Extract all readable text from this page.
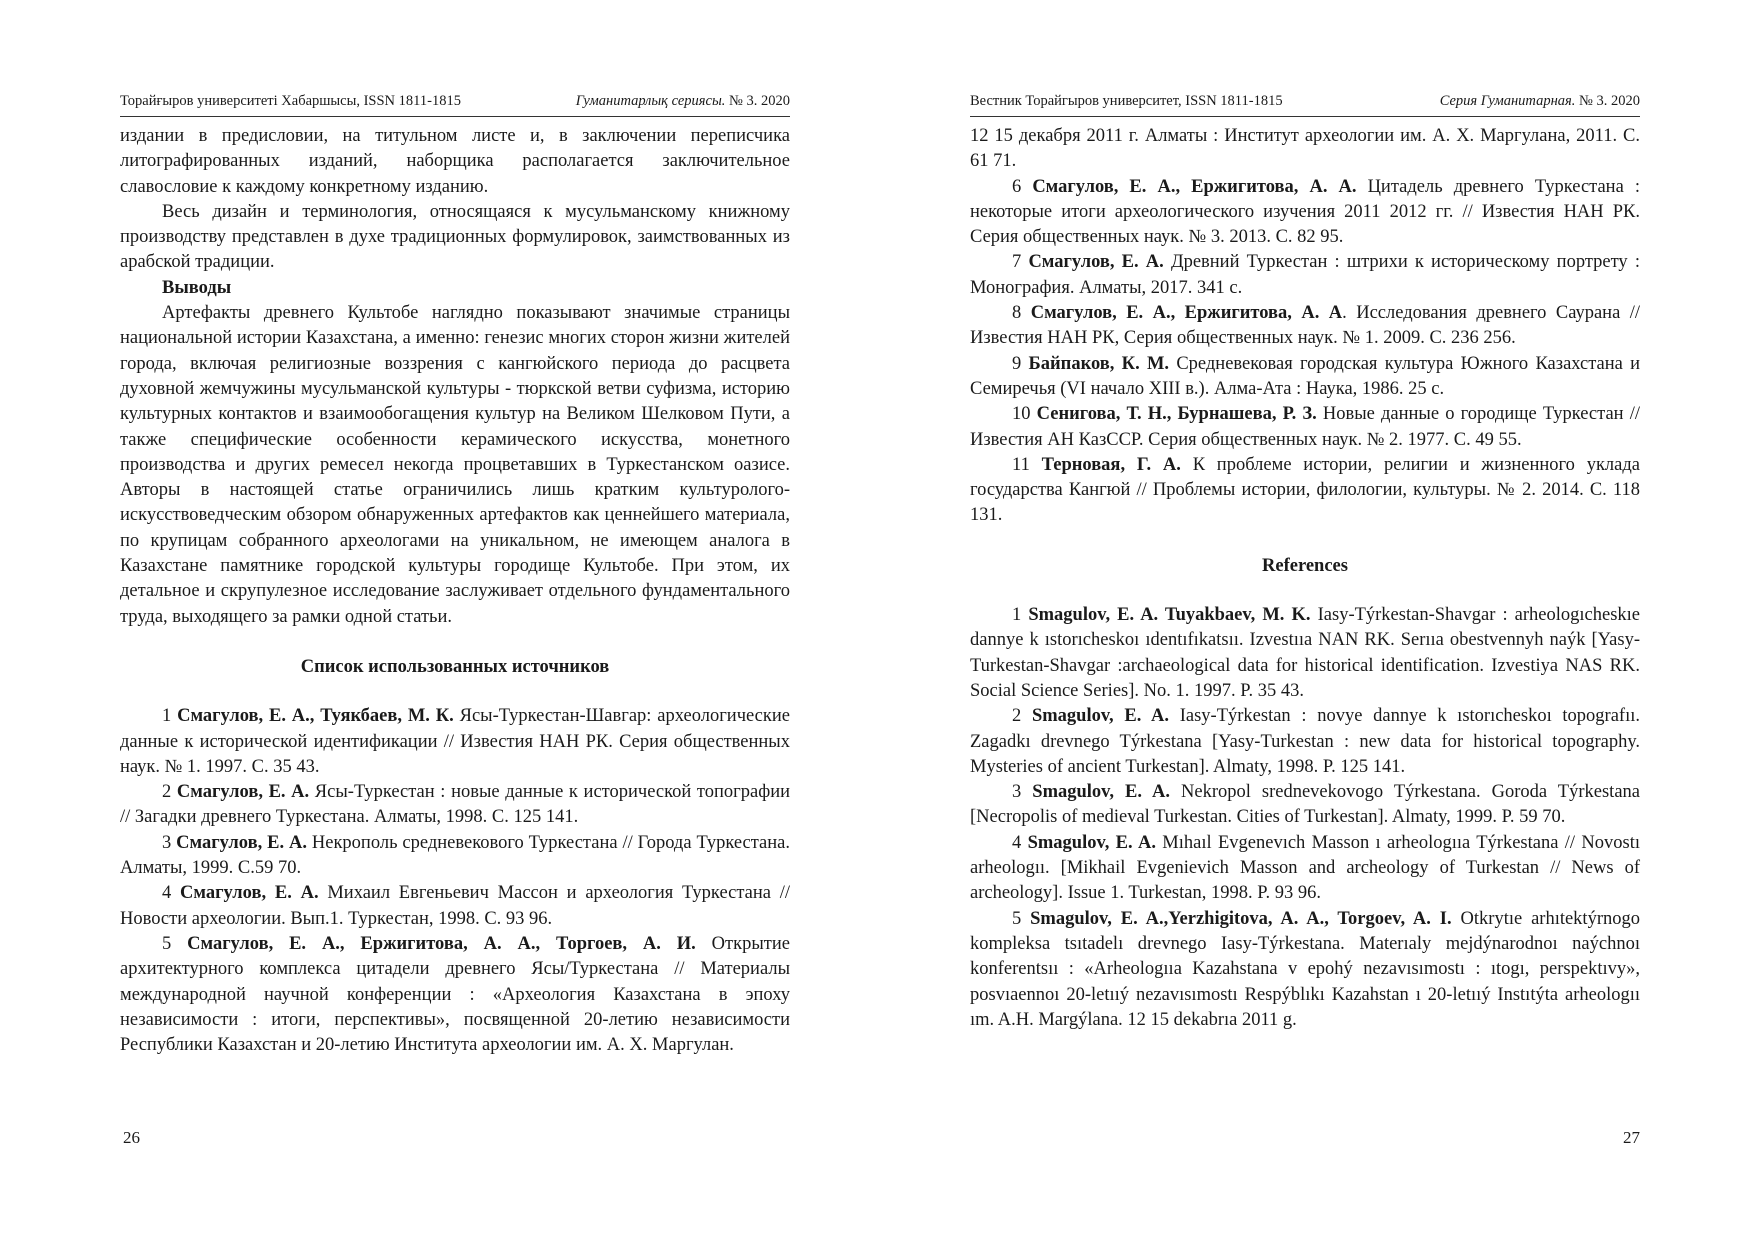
Торайғыров университеті Хабаршысы, ISSN 1811-1815	Гуманитарлық сериясы. № 3. 2020

издании в предисловии, на титульном листе и, в заключении переписчика литографированных изданий, наборщика располагается заключительное славословие к каждому конкретному изданию.

Весь дизайн и терминология, относящаяся к мусульманскому книжному производству представлен в духе традиционных формулировок, заимствованных из арабской традиции.

Выводы

Артефакты древнего Культобе наглядно показывают значимые страницы национальной истории Казахстана, а именно: генезис многих сторон жизни жителей города, включая религиозные воззрения с кангюйского периода до расцвета духовной жемчужины мусульманской культуры - тюркской ветви суфизма, историю культурных контактов и взаимообогащения культур на Великом Шелковом Пути, а также специфические особенности керамического искусства, монетного производства и других ремесел некогда процветавших в Туркестанском оазисе. Авторы в настоящей статье ограничились лишь кратким культуролого-искусствоведческим обзором обнаруженных артефактов как ценнейшего материала, по крупицам собранного археологами на уникальном, не имеющем аналога в Казахстане памятнике городской культуры городище Культобе. При этом, их детальное и скрупулезное исследование заслуживает отдельного фундаментального труда, выходящего за рамки одной статьи.

Список использованных источников

1 Смагулов, Е. А., Туякбаев, М. К. Ясы-Туркестан-Шавгар: археологические данные к исторической идентификации // Известия НАН РК. Серия общественных наук. № 1. 1997. С. 35 43.

2 Смагулов, Е. А. Ясы-Туркестан : новые данные к исторической топографии // Загадки древнего Туркестана. Алматы, 1998. С. 125 141.

3 Смагулов, Е. А. Некрополь средневекового Туркестана // Города Туркестана. Алматы, 1999. С.59 70.

4 Смагулов, Е. А. Михаил Евгеньевич Массон и археология Туркестана // Новости археологии. Вып.1. Туркестан, 1998. С. 93 96.

5 Смагулов, Е. А., Ержигитова, А. А., Торгоев, А. И. Открытие архитектурного комплекса цитадели древнего Ясы/Туркестана // Материалы международной научной конференции : «Археология Казахстана в эпоху независимости : итоги, перспективы», посвященной 20-летию независимости Республики Казахстан и 20-летию Института археологии им. А. Х. Маргулан.

26
Вестник Торайгыров университет, ISSN 1811-1815	Серия Гуманитарная. № 3. 2020

12 15 декабря 2011 г. Алматы : Институт археологии им. А. Х. Маргулана, 2011. С. 61 71.

6 Смагулов, Е. А., Ержигитова, А. А. Цитадель древнего Туркестана : некоторые итоги археологического изучения 2011 2012 гг. // Известия НАН РК. Серия общественных наук. № 3. 2013. С. 82 95.

7 Смагулов, Е. А. Древний Туркестан : штрихи к историческому портрету : Монография. Алматы, 2017. 341 с.

8 Смагулов, Е. А., Ержигитова, А. А. Исследования древнего Саурана // Известия НАН РК, Серия общественных наук. № 1. 2009. С. 236 256.

9 Байпаков, К. М. Средневековая городская культура Южного Казахстана и Семиречья (VI начало XIII в.). Алма-Ата : Наука, 1986. 25 с.

10 Сенигова, Т. Н., Бурнашева, Р. З. Новые данные о городище Туркестан // Известия АН КазССР. Серия общественных наук. № 2. 1977. С. 49 55.

11 Терновая, Г. А. К проблеме истории, религии и жизненного уклада государства Кангюй // Проблемы истории, филологии, культуры. № 2. 2014. С. 118 131.

References

1 Smagulov, E. A. Tuyakbaev, M. K. Iasy-Týrkestan-Shavgar : arheologıcheskıe dannye k ıstorıcheskoı ıdentıfıkatsıı. Izvestııa NAN RK. Serııa obestvennyh naýk [Yasy-Turkestan-Shavgar :archaeological data for historical identification. Izvestiya NAS RK. Social Science Series]. No. 1. 1997. P. 35 43.

2 Smagulov, E. A. Iasy-Týrkestan : novye dannye k ıstorıcheskoı topografıı. Zagadkı drevnego Týrkestana [Yasy-Turkestan : new data for historical topography. Mysteries of ancient Turkestan]. Almaty, 1998. P. 125 141.

3 Smagulov, E. A. Nekropol srednevekovogo Týrkestana. Goroda Týrkestana [Necropolis of medieval Turkestan. Cities of Turkestan]. Almaty, 1999. P. 59 70.

4 Smagulov, E. A. Mıhaıl Evgenevıch Masson ı arheologııa Týrkestana // Novostı arheologıı. [Mikhail Evgenievich Masson and archeology of Turkestan // News of archeology]. Issue 1. Turkestan, 1998. P. 93 96.

5 Smagulov, E. A.,Yerzhigitova, A. A., Torgoev, A. I. Otkrytıe arhıtektýrnogo kompleksa tsıtadelı drevnego Iasy-Týrkestana. Materıaly mejdýnarodnoı naýchnoı konferentsıı : «Arheologııa Kazahstana v epohý nezavısımostı : ıtogı, perspektıvy», posvıaennoı 20-letııý nezavısımostı Respýblıkı Kazahstan ı 20-letııý Instıtýta arheologıı ım. A.H. Margýlana. 12 15 dekabrıa 2011 g.

27
